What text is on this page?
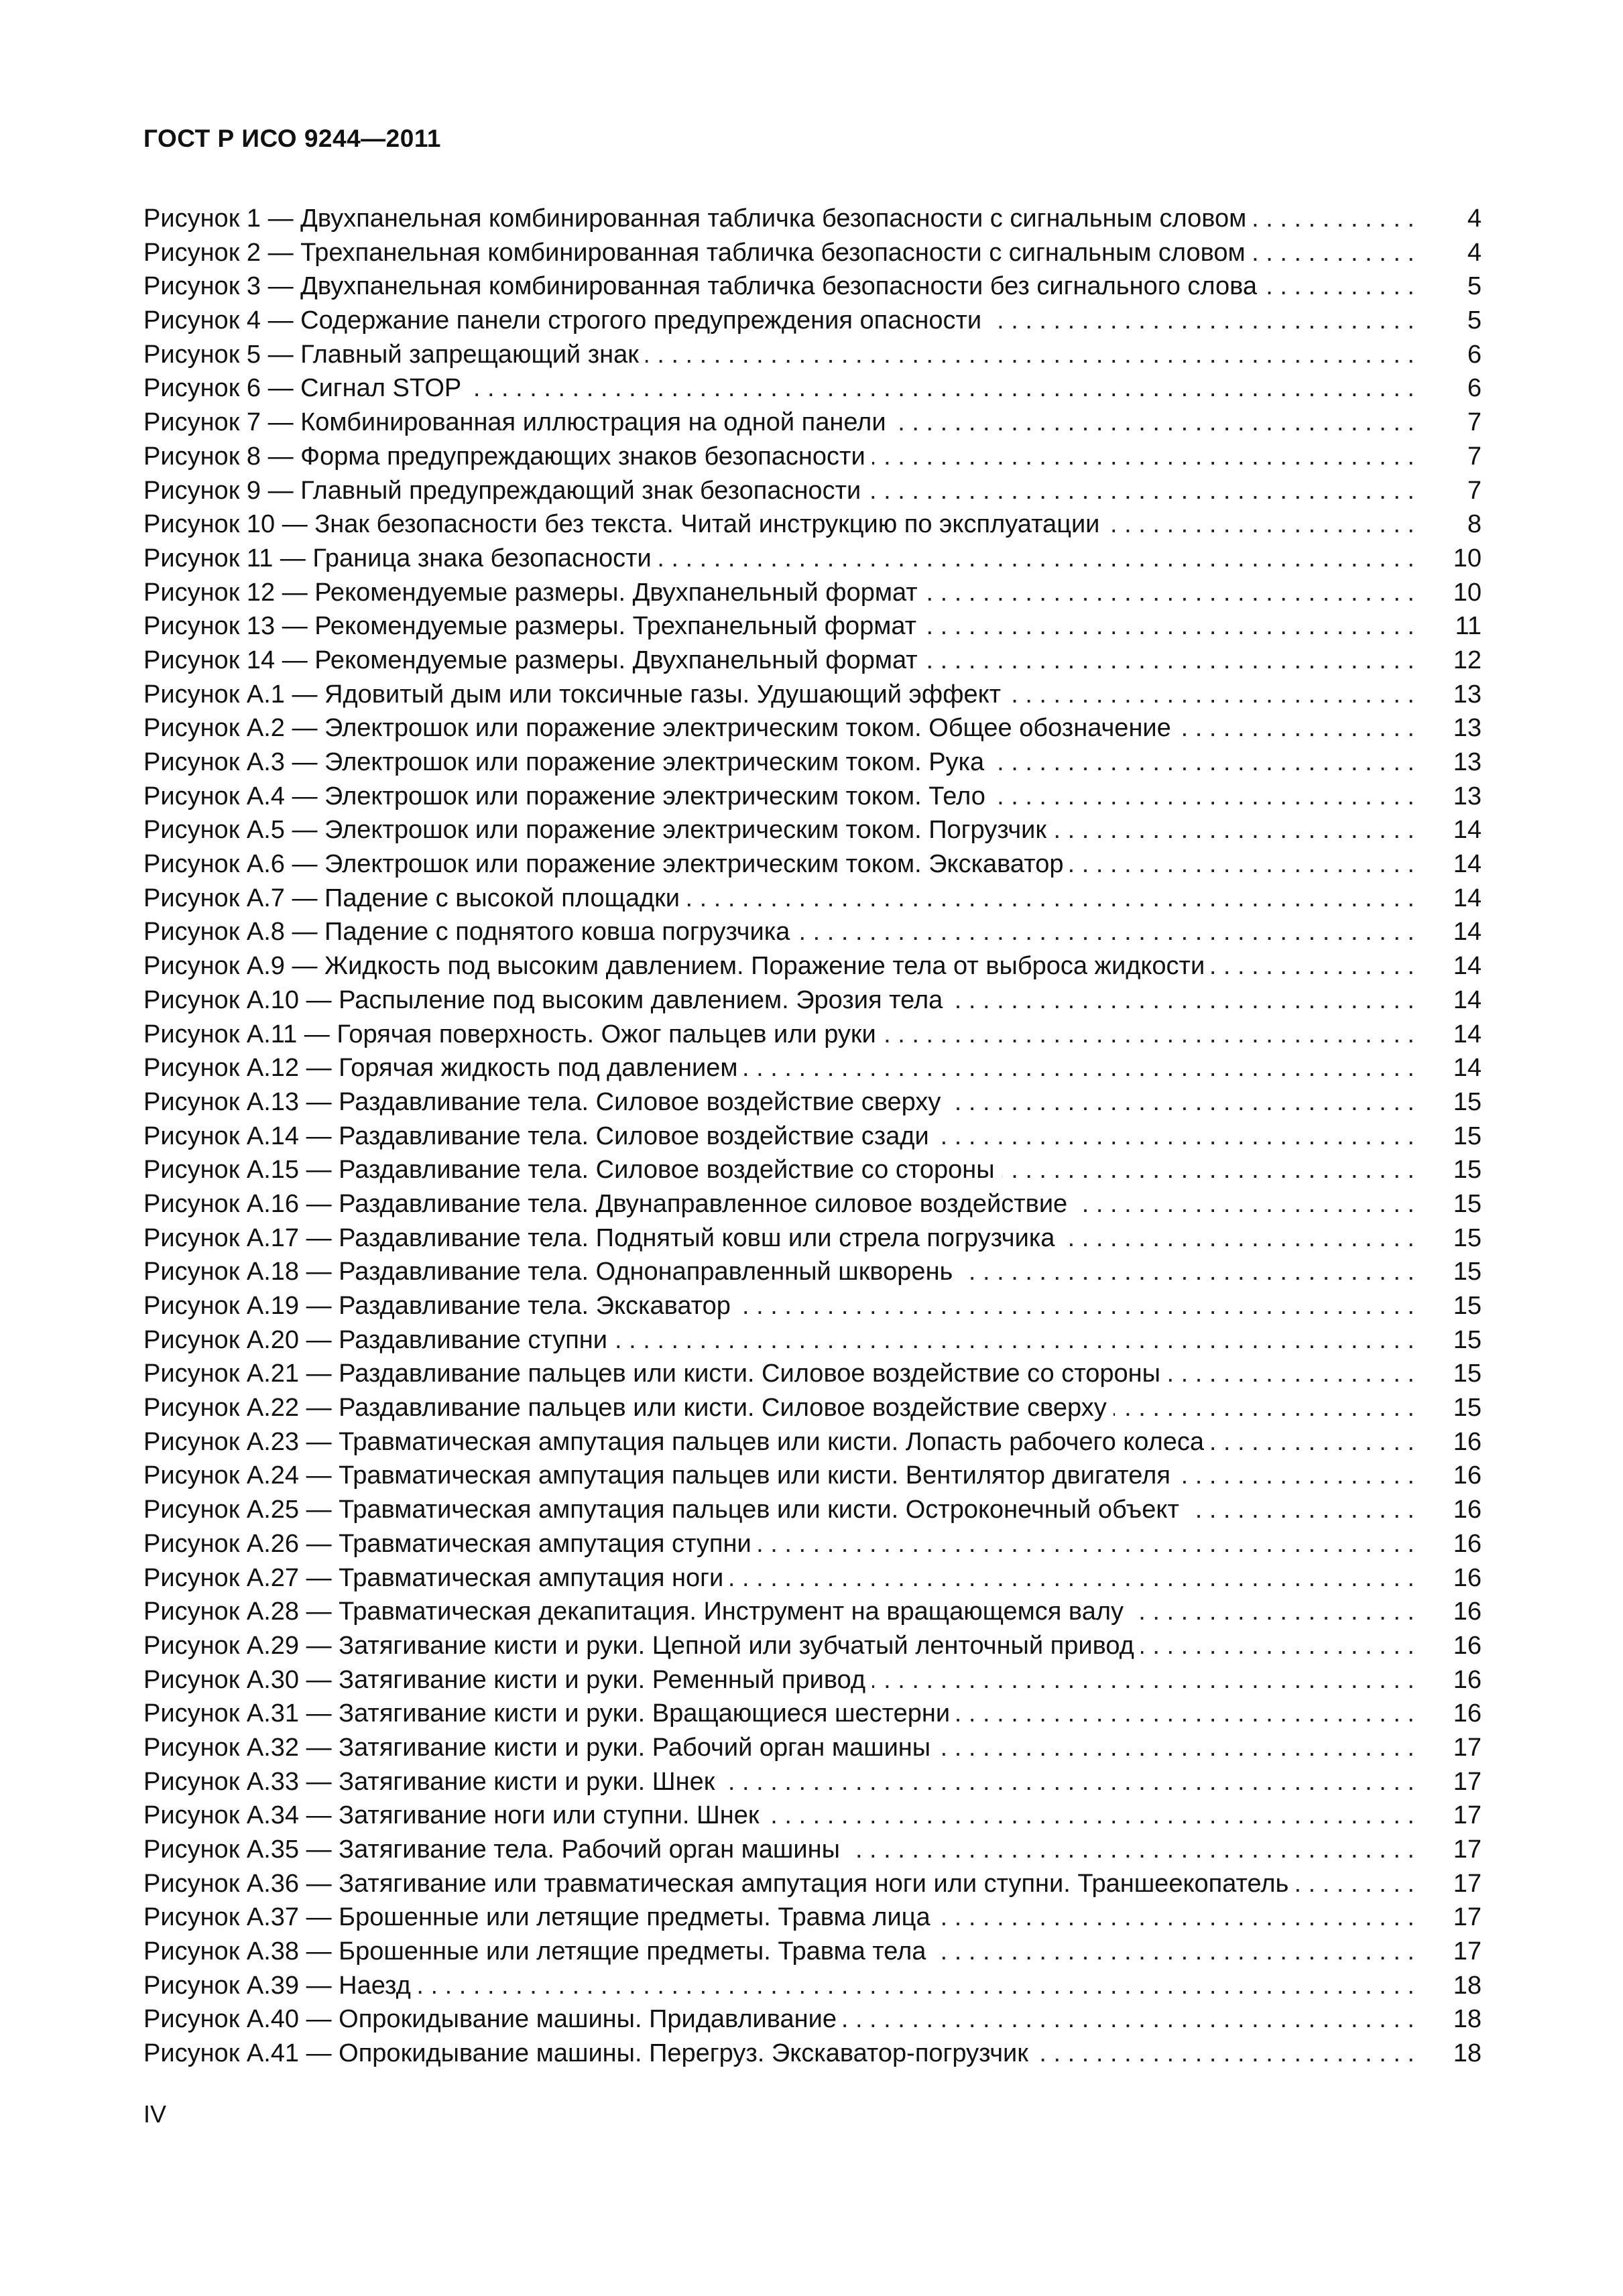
ГОСТ Р ИСО 9244—2011
Рисунок 1 — Двухпанельная комбинированная табличка безопасности с сигнальным словом . . .	4
Рисунок 2 — Трехпанельная комбинированная табличка безопасности с сигнальным словом . . .	4
Рисунок 3 — Двухпанельная комбинированная табличка безопасности без сигнального слова . . .	5
Рисунок 4 — Содержание панели строгого предупреждения опасности . . .	5
Рисунок 5 — Главный запрещающий знак . . .	6
Рисунок 6 — Сигнал STOP . . .	6
Рисунок 7 — Комбинированная иллюстрация на одной панели . . .	7
Рисунок 8 — Форма предупреждающих знаков безопасности . . .	7
Рисунок 9 — Главный предупреждающий знак безопасности . . .	7
Рисунок 10 — Знак безопасности без текста. Читай инструкцию по эксплуатации . . .	8
Рисунок 11 — Граница знака безопасности . . .	10
Рисунок 12 — Рекомендуемые размеры. Двухпанельный формат . . .	10
Рисунок 13 — Рекомендуемые размеры. Трехпанельный формат . . .	11
Рисунок 14 — Рекомендуемые размеры. Двухпанельный формат . . .	12
Рисунок А.1 — Ядовитый дым или токсичные газы. Удушающий эффект . . .	13
Рисунок А.2 — Электрошок или поражение электрическим током. Общее обозначение . . .	13
Рисунок А.3 — Электрошок или поражение электрическим током. Рука . . .	13
Рисунок А.4 — Электрошок или поражение электрическим током. Тело . . .	13
Рисунок А.5 — Электрошок или поражение электрическим током. Погрузчик . . .	14
Рисунок А.6 — Электрошок или поражение электрическим током. Экскаватор . . .	14
Рисунок А.7 — Падение с высокой площадки . . .	14
Рисунок А.8 — Падение с поднятого ковша погрузчика . . .	14
Рисунок А.9 — Жидкость под высоким давлением. Поражение тела от выброса жидкости . . .	14
Рисунок А.10 — Распыление под высоким давлением. Эрозия тела . . .	14
Рисунок А.11 — Горячая поверхность. Ожог пальцев или руки . . .	14
Рисунок А.12 — Горячая жидкость под давлением . . .	14
Рисунок А.13 — Раздавливание тела. Силовое воздействие сверху . . .	15
Рисунок А.14 — Раздавливание тела. Силовое воздействие сзади . . .	15
Рисунок А.15 — Раздавливание тела. Силовое воздействие со стороны . . .	15
Рисунок А.16 — Раздавливание тела. Двунаправленное силовое воздействие . . .	15
Рисунок А.17 — Раздавливание тела. Поднятый ковш или стрела погрузчика . . .	15
Рисунок А.18 — Раздавливание тела. Однонаправленный шкворень . . .	15
Рисунок А.19 — Раздавливание тела. Экскаватор . . .	15
Рисунок А.20 — Раздавливание ступни . . .	15
Рисунок А.21 — Раздавливание пальцев или кисти. Силовое воздействие со стороны . . .	15
Рисунок А.22 — Раздавливание пальцев или кисти. Силовое воздействие сверху . . .	15
Рисунок А.23 — Травматическая ампутация пальцев или кисти. Лопасть рабочего колеса . . .	16
Рисунок А.24 — Травматическая ампутация пальцев или кисти. Вентилятор двигателя . . .	16
Рисунок А.25 — Травматическая ампутация пальцев или кисти. Остроконечный объект . . .	16
Рисунок А.26 — Травматическая ампутация ступни . . .	16
Рисунок А.27 — Травматическая ампутация ноги . . .	16
Рисунок А.28 — Травматическая декапитация. Инструмент на вращающемся валу . . .	16
Рисунок А.29 — Затягивание кисти и руки. Цепной или зубчатый ленточный привод . . .	16
Рисунок А.30 — Затягивание кисти и руки. Ременный привод . . .	16
Рисунок А.31 — Затягивание кисти и руки. Вращающиеся шестерни . . .	16
Рисунок А.32 — Затягивание кисти и руки. Рабочий орган машины . . .	17
Рисунок А.33 — Затягивание кисти и руки. Шнек . . .	17
Рисунок А.34 — Затягивание ноги или ступни. Шнек . . .	17
Рисунок А.35 — Затягивание тела. Рабочий орган машины . . .	17
Рисунок А.36 — Затягивание или травматическая ампутация ноги или ступни. Траншеекопатель . . .	17
Рисунок А.37 — Брошенные или летящие предметы. Травма лица . . .	17
Рисунок А.38 — Брошенные или летящие предметы. Травма тела . . .	17
Рисунок А.39 — Наезд . . .	18
Рисунок А.40 — Опрокидывание машины. Придавливание . . .	18
Рисунок А.41 — Опрокидывание машины. Перегруз. Экскаватор-погрузчик . . .	18
IV
